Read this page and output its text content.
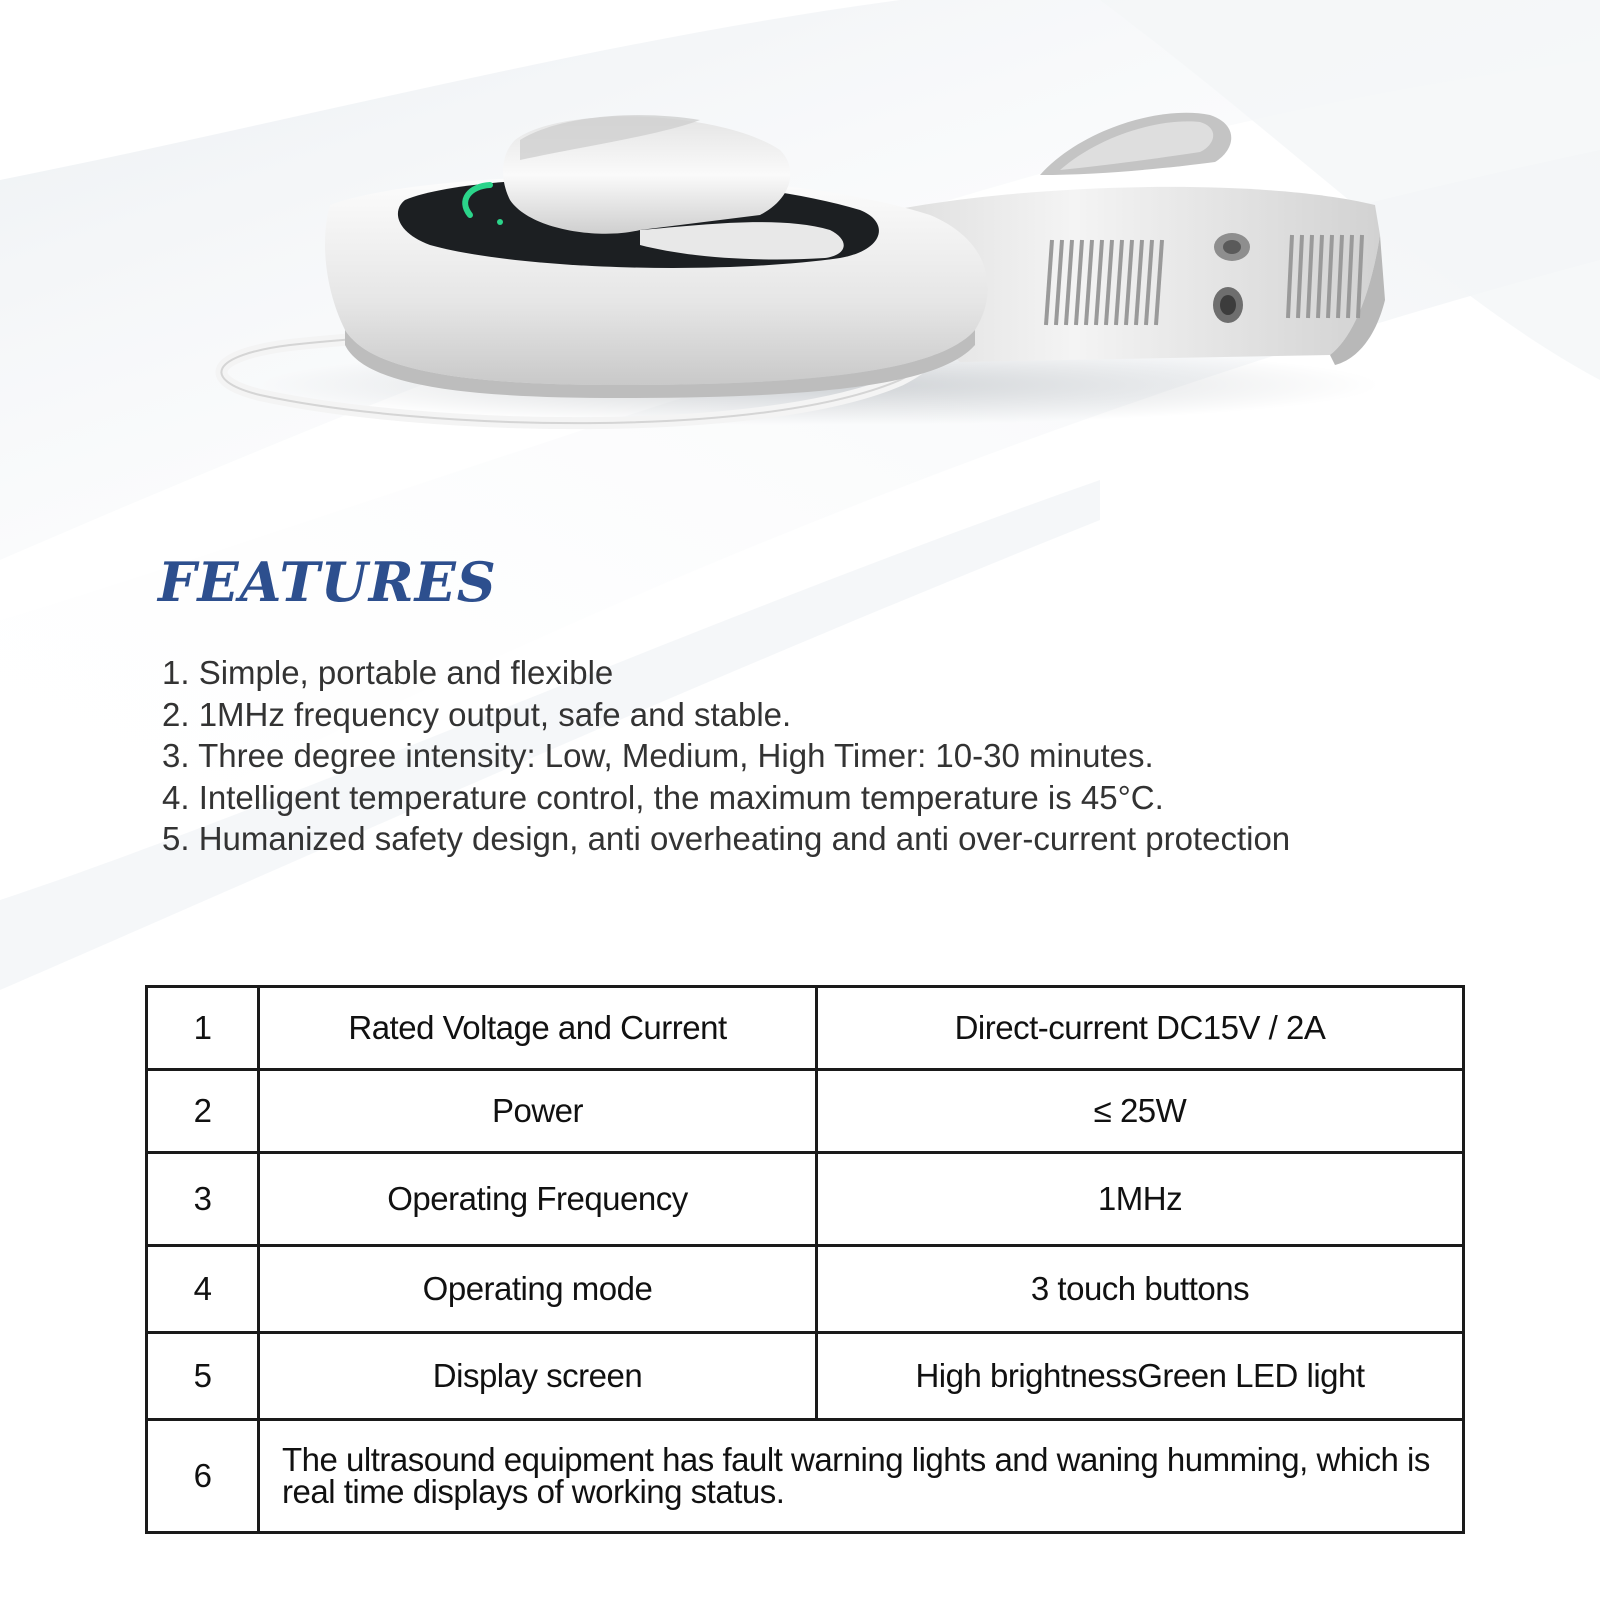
FEATURES
1. Simple, portable and flexible
2. 1MHz frequency output, safe and stable.
3. Three degree intensity: Low, Medium, High Timer: 10-30 minutes.
4. Intelligent temperature control, the maximum temperature is 45°C.
5. Humanized safety design, anti overheating and anti over-current protection
1	Rated Voltage and Current	Direct-current DC15V / 2A
2	Power	≤ 25W
3	Operating Frequency	1MHz
4	Operating mode	3 touch buttons
5	Display screen	High brightnessGreen LED light
6	The ultrasound equipment has fault warning lights and waning humming, which is real time displays of working status.	
